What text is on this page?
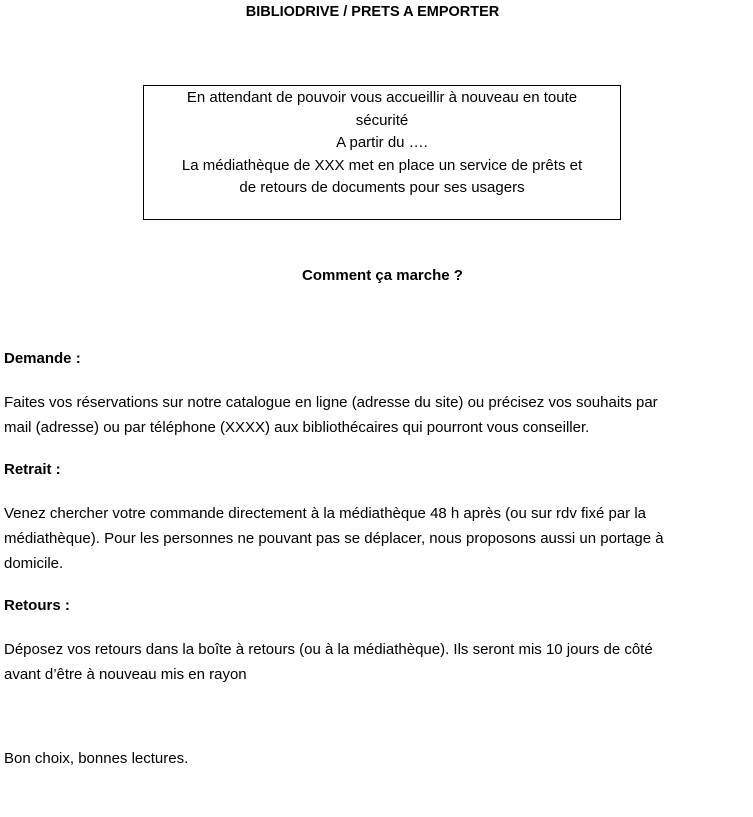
BIBLIODRIVE / PRETS A EMPORTER
En attendant de pouvoir vous accueillir à nouveau en toute
sécurité
A partir du ….
La médiathèque de XXX met en place un service de prêts et
de retours de documents pour ses usagers
Comment ça marche ?
Demande :
Faites vos réservations sur notre catalogue en ligne (adresse du site) ou précisez vos souhaits par
mail (adresse) ou par téléphone (XXXX) aux bibliothécaires qui pourront vous conseiller.
Retrait :
Venez chercher votre commande directement à la médiathèque 48 h après (ou sur rdv fixé par la
médiathèque). Pour les personnes ne pouvant pas se déplacer, nous proposons aussi un portage à
domicile.
Retours :
Déposez vos retours dans la boîte à retours (ou à la médiathèque). Ils seront mis 10 jours de côté
avant d’être à nouveau mis en rayon
Bon choix, bonnes lectures.
